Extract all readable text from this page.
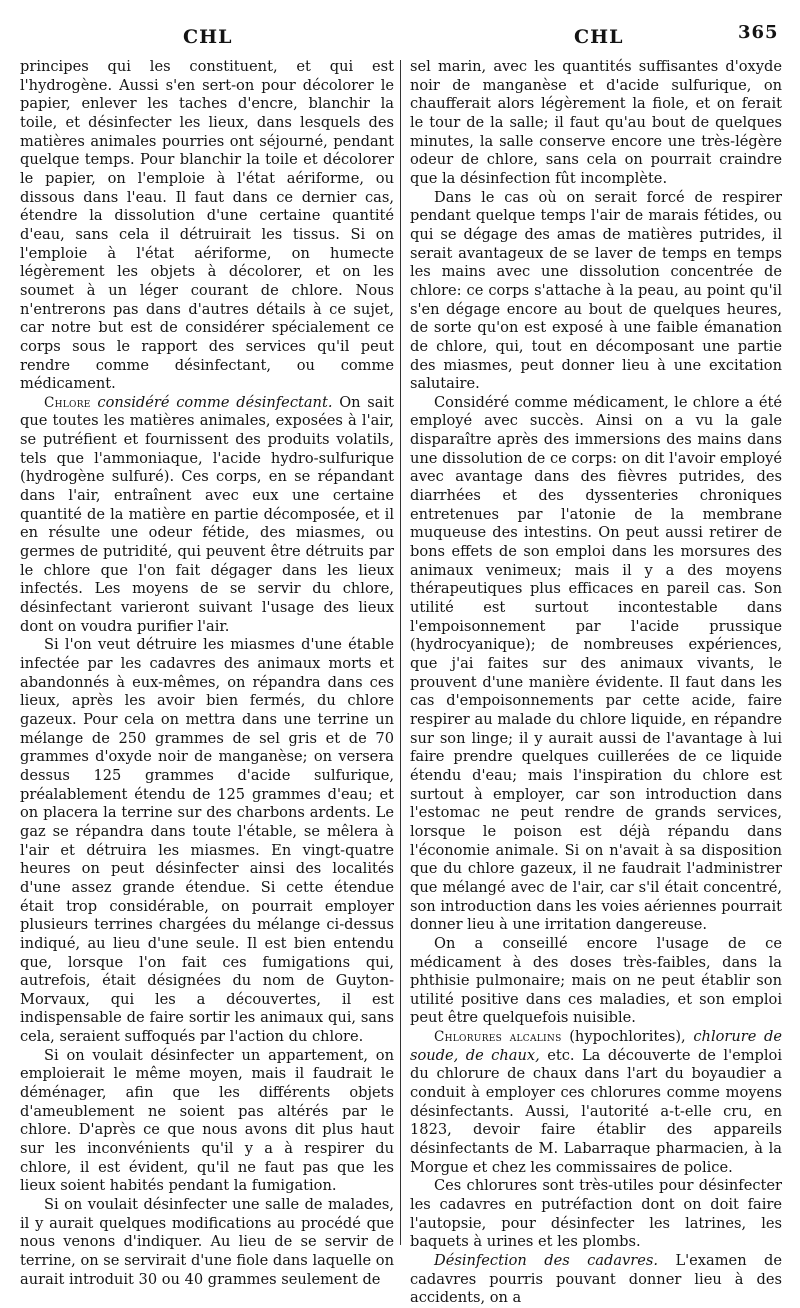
CHL	CHL	365

principes qui les constituent, et qui est l'hydrogène. Aussi s'en sert-on pour décolorer le papier, enlever les taches d'encre, blanchir la toile, et désinfecter les lieux, dans lesquels des matières animales pourries ont séjourné, pendant quelque temps. Pour blanchir la toile et décolorer le papier, on l'emploie à l'état aériforme, ou dissous dans l'eau. Il faut dans ce dernier cas, étendre la dissolution d'une certaine quantité d'eau, sans cela il détruirait les tissus. Si on l'emploie à l'état aériforme, on humecte légèrement les objets à décolorer, et on les soumet à un léger courant de chlore. Nous n'entrerons pas dans d'autres détails à ce sujet, car notre but est de considérer spécialement ce corps sous le rapport des services qu'il peut rendre comme désinfectant, ou comme médicament.

Chlore considéré comme désinfectant. On sait que toutes les matières animales, exposées à l'air, se putréfient et fournissent des produits volatils, tels que l'ammoniaque, l'acide hydro-sulfurique (hydrogène sulfuré). Ces corps, en se répandant dans l'air, entraînent avec eux une certaine quantité de la matière en partie décomposée, et il en résulte une odeur fétide, des miasmes, ou germes de putridité, qui peuvent être détruits par le chlore que l'on fait dégager dans les lieux infectés. Les moyens de se servir du chlore, désinfectant varieront suivant l'usage des lieux dont on voudra purifier l'air.

Si l'on veut détruire les miasmes d'une étable infectée par les cadavres des animaux morts et abandonnés à eux-mêmes, on répandra dans ces lieux, après les avoir bien fermés, du chlore gazeux. Pour cela on mettra dans une terrine un mélange de 250 grammes de sel gris et de 70 grammes d'oxyde noir de manganèse; on versera dessus 125 grammes d'acide sulfurique, préalablement étendu de 125 grammes d'eau; et on placera la terrine sur des charbons ardents. Le gaz se répandra dans toute l'étable, se mêlera à l'air et détruira les miasmes. En vingt-quatre heures on peut désinfecter ainsi des localités d'une assez grande étendue. Si cette étendue était trop considérable, on pourrait employer plusieurs terrines chargées du mélange ci-dessus indiqué, au lieu d'une seule. Il est bien entendu que, lorsque l'on fait ces fumigations qui, autrefois, était désignées du nom de Guyton-Morvaux, qui les a découvertes, il est indispensable de faire sortir les animaux qui, sans cela, seraient suffoqués par l'action du chlore.

Si on voulait désinfecter un appartement, on emploierait le même moyen, mais il faudrait le déménager, afin que les différents objets d'ameublement ne soient pas altérés par le chlore. D'après ce que nous avons dit plus haut sur les inconvénients qu'il y a à respirer du chlore, il est évident, qu'il ne faut pas que les lieux soient habités pendant la fumigation.

Si on voulait désinfecter une salle de malades, il y aurait quelques modifications au procédé que nous venons d'indiquer. Au lieu de se servir de terrine, on se servirait d'une fiole dans laquelle on aurait introduit 30 ou 40 grammes seulement de

sel marin, avec les quantités suffisantes d'oxyde noir de manganèse et d'acide sulfurique, on chaufferait alors légèrement la fiole, et on ferait le tour de la salle; il faut qu'au bout de quelques minutes, la salle conserve encore une très-légère odeur de chlore, sans cela on pourrait craindre que la désinfection fût incomplète.

Dans le cas où on serait forcé de respirer pendant quelque temps l'air de marais fétides, ou qui se dégage des amas de matières putrides, il serait avantageux de se laver de temps en temps les mains avec une dissolution concentrée de chlore: ce corps s'attache à la peau, au point qu'il s'en dégage encore au bout de quelques heures, de sorte qu'on est exposé à une faible émanation de chlore, qui, tout en décomposant une partie des miasmes, peut donner lieu à une excitation salutaire.

Considéré comme médicament, le chlore a été employé avec succès. Ainsi on a vu la gale disparaître après des immersions des mains dans une dissolution de ce corps: on dit l'avoir employé avec avantage dans des fièvres putrides, des diarrhées et des dyssenteries chroniques entretenues par l'atonie de la membrane muqueuse des intestins. On peut aussi retirer de bons effets de son emploi dans les morsures des animaux venimeux; mais il y a des moyens thérapeutiques plus efficaces en pareil cas. Son utilité est surtout incontestable dans l'empoisonnement par l'acide prussique (hydrocyanique); de nombreuses expériences, que j'ai faites sur des animaux vivants, le prouvent d'une manière évidente. Il faut dans les cas d'empoisonnements par cette acide, faire respirer au malade du chlore liquide, en répandre sur son linge; il y aurait aussi de l'avantage à lui faire prendre quelques cuillerées de ce liquide étendu d'eau; mais l'inspiration du chlore est surtout à employer, car son introduction dans l'estomac ne peut rendre de grands services, lorsque le poison est déjà répandu dans l'économie animale. Si on n'avait à sa disposition que du chlore gazeux, il ne faudrait l'administrer que mélangé avec de l'air, car s'il était concentré, son introduction dans les voies aériennes pourrait donner lieu à une irritation dangereuse.

On a conseillé encore l'usage de ce médicament à des doses très-faibles, dans la phthisie pulmonaire; mais on ne peut établir son utilité positive dans ces maladies, et son emploi peut être quelquefois nuisible.

Chlorures alcalins (hypochlorites), chlorure de soude, de chaux, etc. La découverte de l'emploi du chlorure de chaux dans l'art du boyaudier a conduit à employer ces chlorures comme moyens désinfectants. Aussi, l'autorité a-t-elle cru, en 1823, devoir faire établir des appareils désinfectants de M. Labarraque pharmacien, à la Morgue et chez les commissaires de police.

Ces chlorures sont très-utiles pour désinfecter les cadavres en putréfaction dont on doit faire l'autopsie, pour désinfecter les latrines, les baquets à urines et les plombs.

Désinfection des cadavres. L'examen de cadavres pourris pouvant donner lieu à des accidents, on a
